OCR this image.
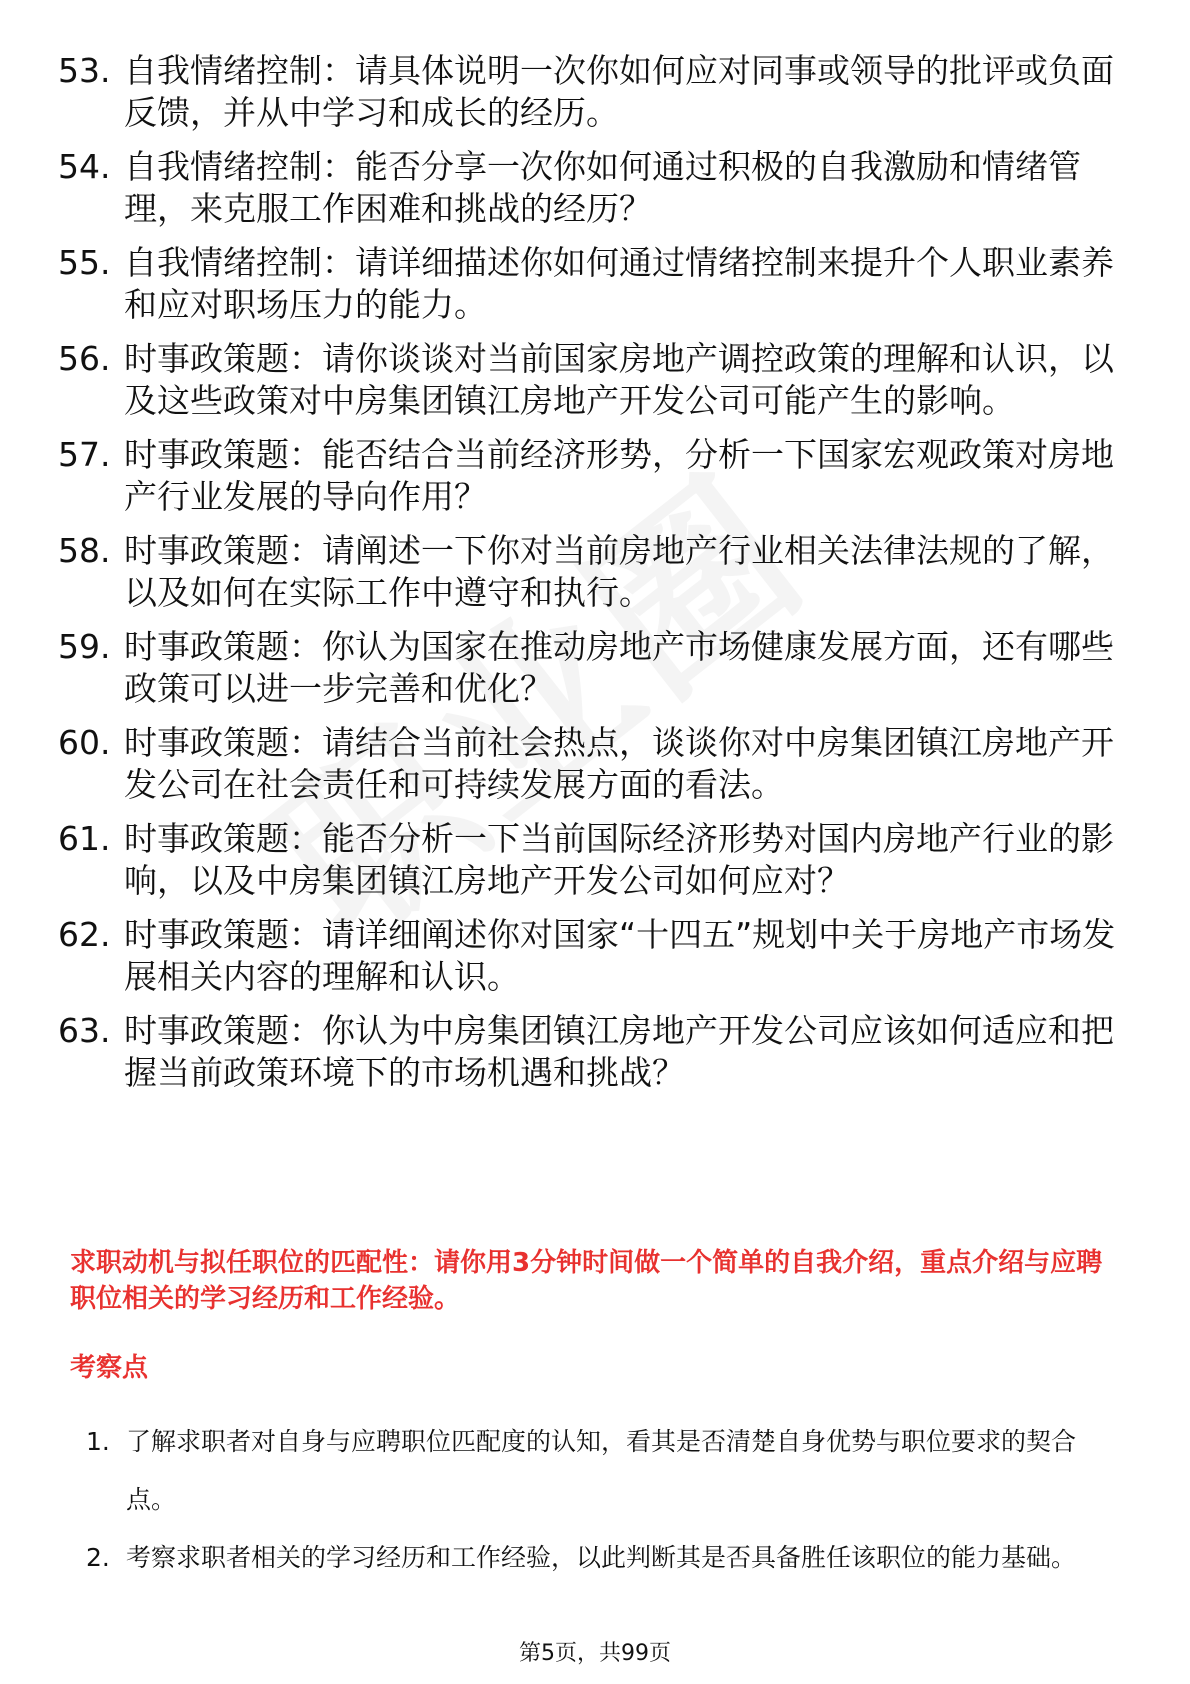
53. 自我情绪控制：请具体说明一次你如何应对同事或领导的批评或负面反馈，并从中学习和成长的经历。
54. 自我情绪控制：能否分享一次你如何通过积极的自我激励和情绪管理，来克服工作困难和挑战的经历？
55. 自我情绪控制：请详细描述你如何通过情绪控制来提升个人职业素养和应对职场压力的能力。
56. 时事政策题：请你谈谈对当前国家房地产调控政策的理解和认识，以及这些政策对中房集团镇江房地产开发公司可能产生的影响。
57. 时事政策题：能否结合当前经济形势，分析一下国家宏观政策对房地产行业发展的导向作用？
58. 时事政策题：请阐述一下你对当前房地产行业相关法律法规的了解，以及如何在实际工作中遵守和执行。
59. 时事政策题：你认为国家在推动房地产市场健康发展方面，还有哪些政策可以进一步完善和优化？
60. 时事政策题：请结合当前社会热点，谈谈你对中房集团镇江房地产开发公司在社会责任和可持续发展方面的看法。
61. 时事政策题：能否分析一下当前国际经济形势对国内房地产行业的影响，以及中房集团镇江房地产开发公司如何应对？
62. 时事政策题：请详细阐述你对国家“十四五”规划中关于房地产市场发展相关内容的理解和认识。
63. 时事政策题：你认为中房集团镇江房地产开发公司应该如何适应和把握当前政策环境下的市场机遇和挑战？
求职动机与拟任职位的匹配性：请你用3分钟时间做一个简单的自我介绍，重点介绍与应聘职位相关的学习经历和工作经验。
考察点
1. 了解求职者对自身与应聘职位匹配度的认知，看其是否清楚自身优势与职位要求的契合点。
2. 考察求职者相关的学习经历和工作经验，以此判断其是否具备胜任该职位的能力基础。
第5页，共99页
